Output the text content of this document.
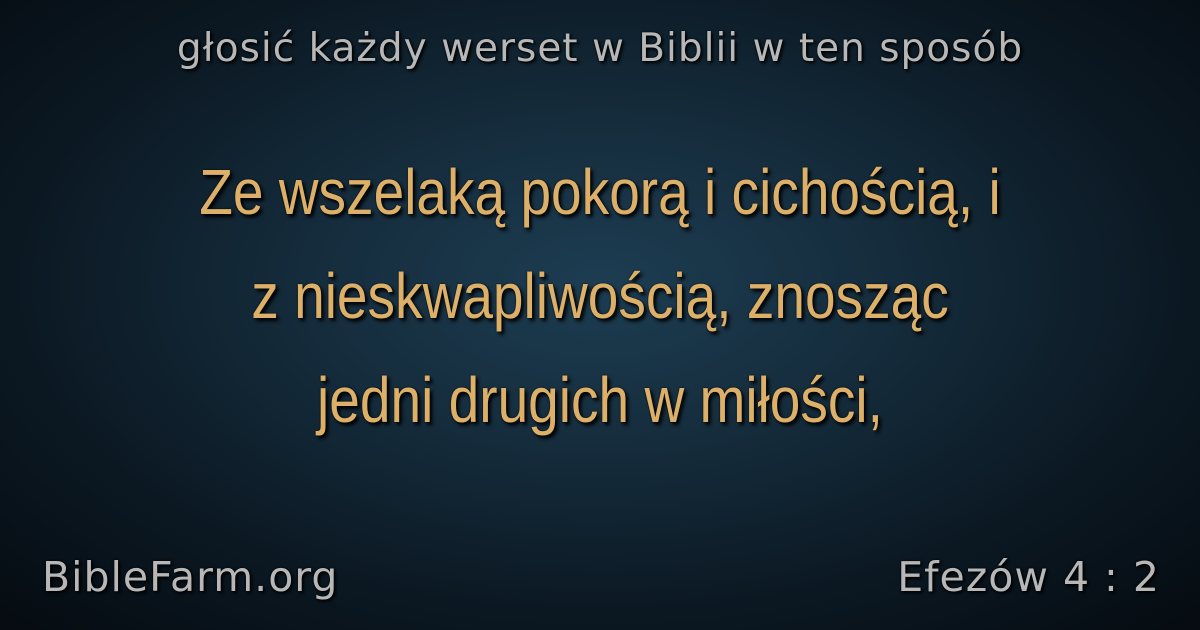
głosić każdy werset w Biblii w ten sposób
Ze wszelaką pokorą i cichością, i
z nieskwapliwością, znosząc
jedni drugich w miłości,
BibleFarm.org	Efezów 4 : 2
